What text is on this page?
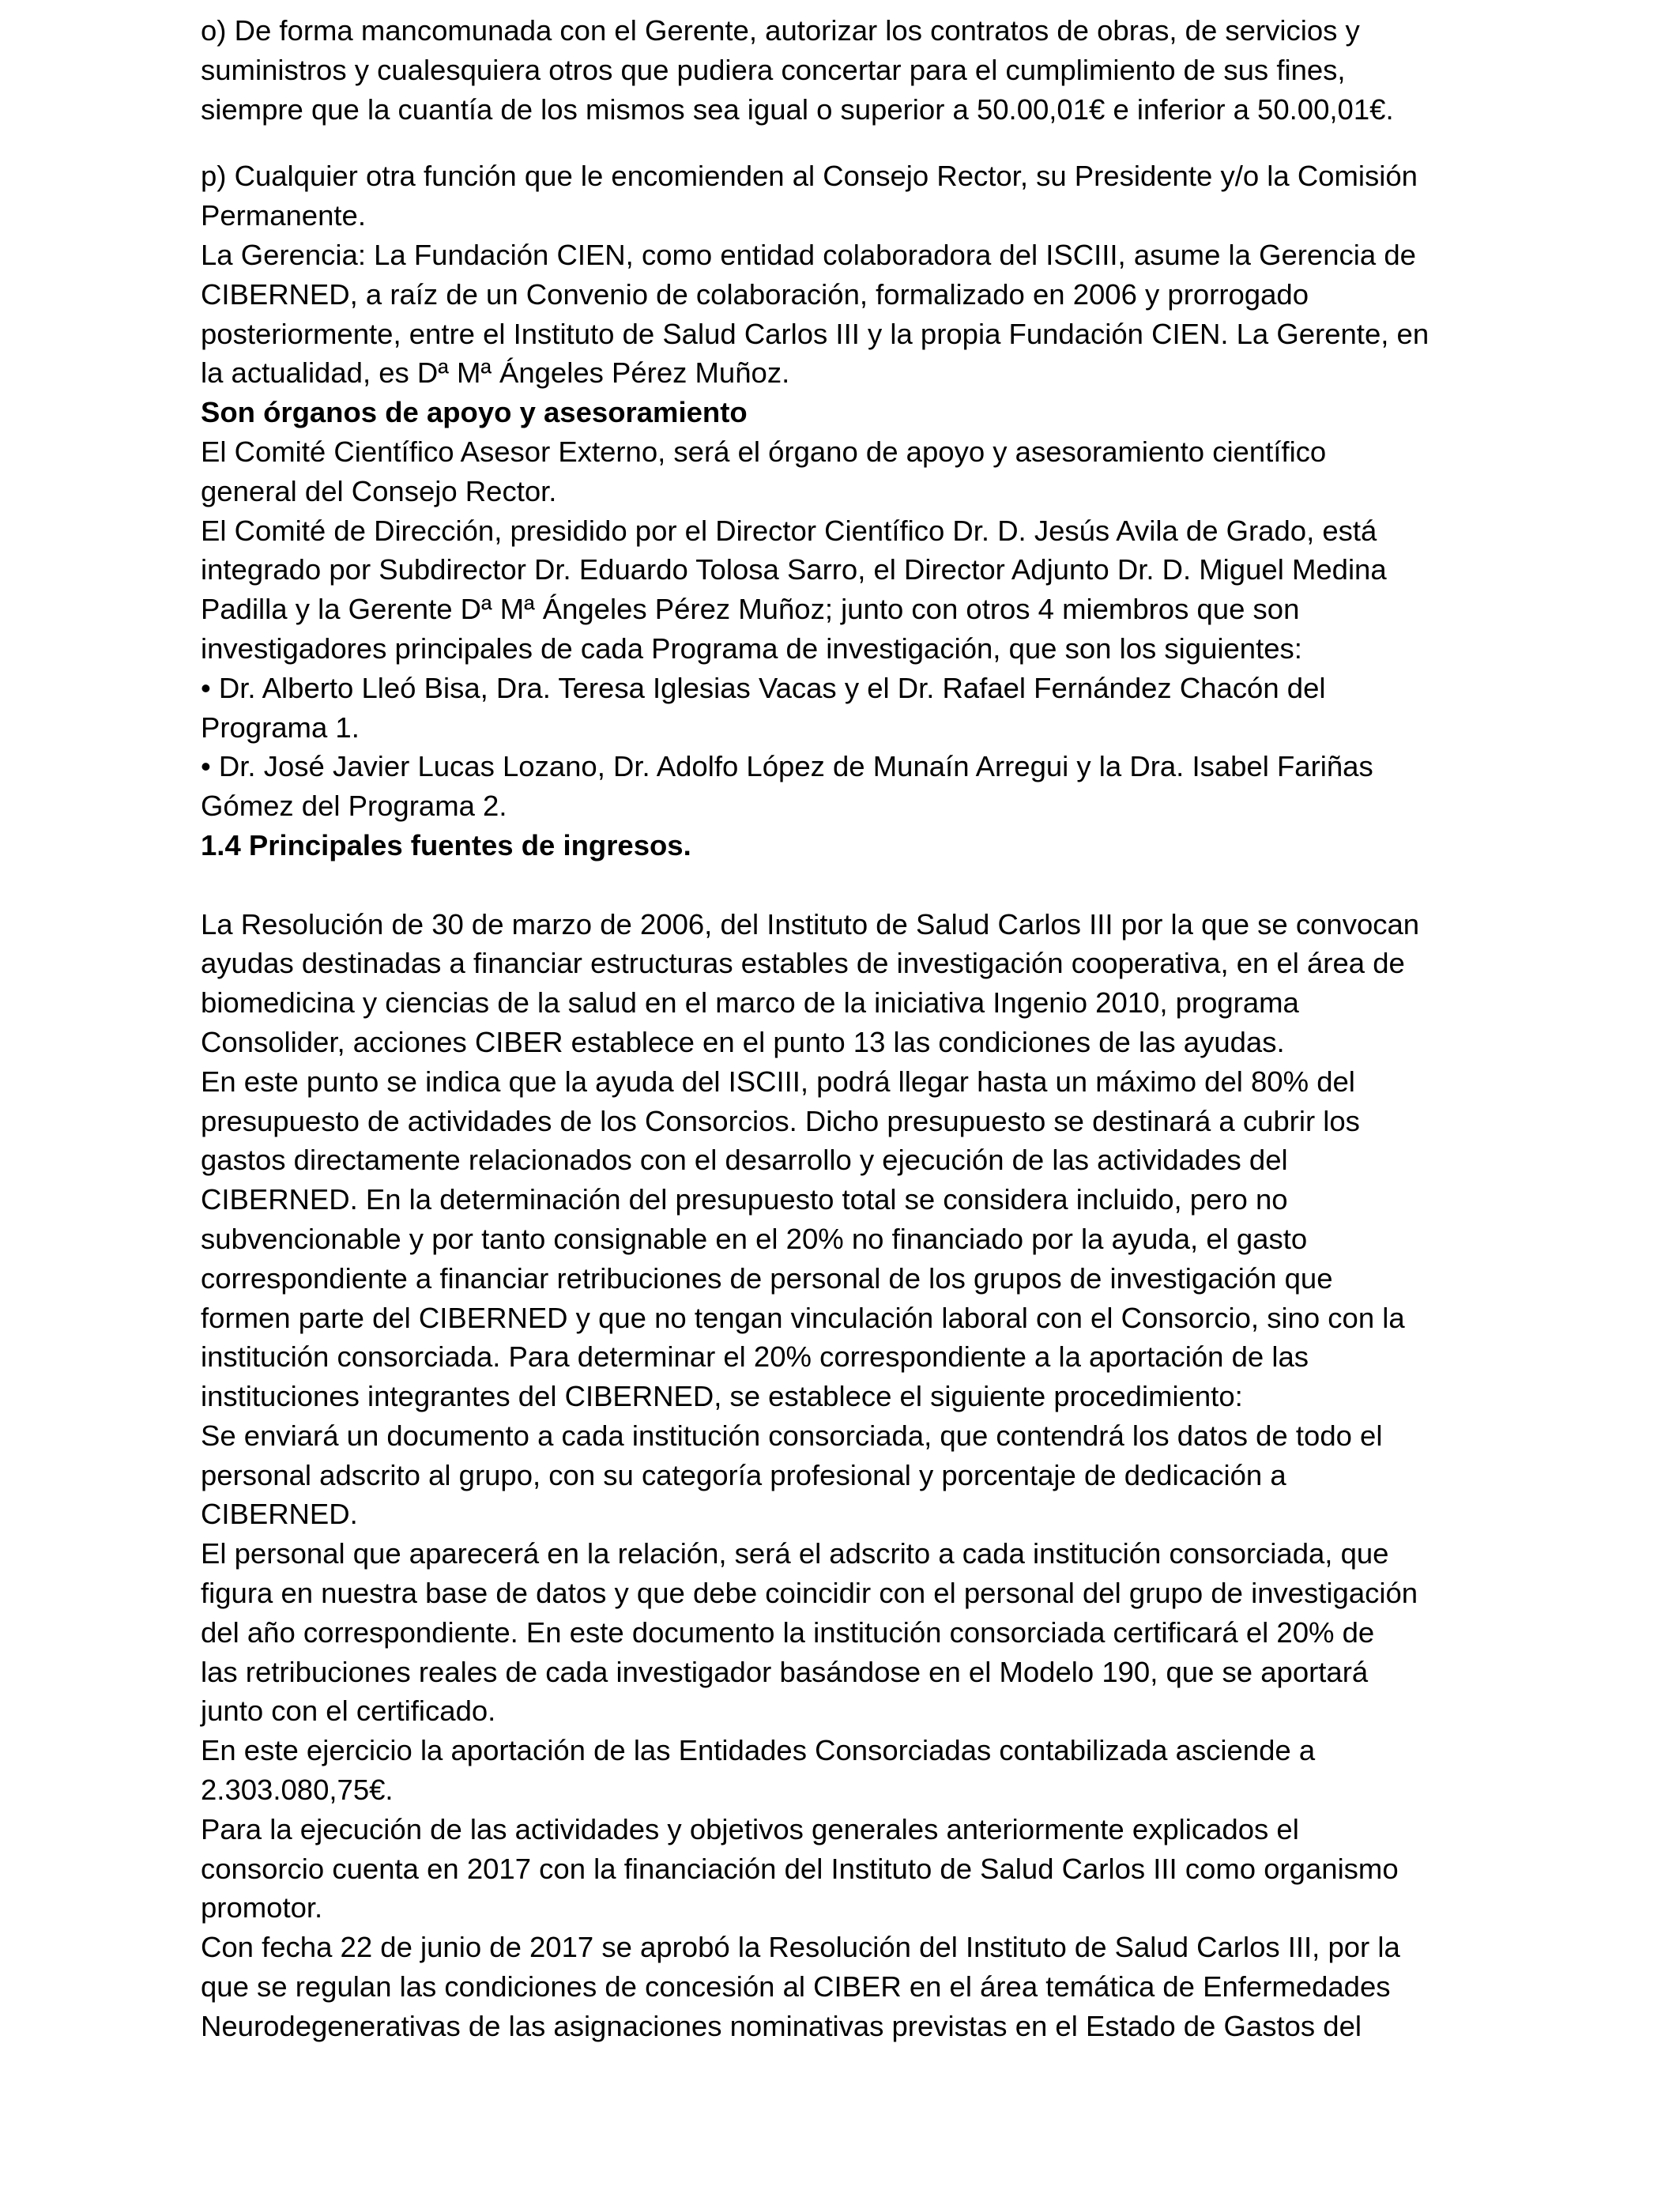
o) De forma mancomunada con el Gerente, autorizar los contratos de obras, de servicios y
suministros y cualesquiera otros que pudiera concertar para el cumplimiento de sus fines,
siempre que la cuantía de los mismos sea igual o superior a 50.00,01€ e inferior a 50.00,01€.

p) Cualquier otra función que le encomienden al Consejo Rector, su Presidente y/o la Comisión
Permanente.

La Gerencia: La Fundación CIEN, como entidad colaboradora del ISCIII, asume la Gerencia de
CIBERNED, a raíz de un Convenio de colaboración, formalizado en 2006 y prorrogado
posteriormente, entre el Instituto de Salud Carlos III y la propia Fundación CIEN. La Gerente, en
la actualidad, es Dª Mª Ángeles Pérez Muñoz.

Son órganos de apoyo y asesoramiento

El Comité Científico Asesor Externo, será el órgano de apoyo y asesoramiento científico
general del Consejo Rector.

El Comité de Dirección, presidido por el Director Científico Dr. D. Jesús Avila de Grado, está
integrado por Subdirector Dr. Eduardo Tolosa Sarro, el Director Adjunto Dr. D. Miguel Medina
Padilla y la Gerente Dª Mª Ángeles Pérez Muñoz; junto con otros 4 miembros que son
investigadores principales de cada Programa de investigación, que son los siguientes:

• Dr. Alberto Lleó Bisa, Dra. Teresa Iglesias Vacas y el Dr. Rafael Fernández Chacón del
Programa 1.

• Dr. José Javier Lucas Lozano, Dr. Adolfo López de Munaín Arregui y la Dra. Isabel Fariñas
Gómez del Programa 2.

1.4 Principales fuentes de ingresos.

La Resolución de 30 de marzo de 2006, del Instituto de Salud Carlos III por la que se convocan
ayudas destinadas a financiar estructuras estables de investigación cooperativa, en el área de
biomedicina y ciencias de la salud en el marco de la iniciativa Ingenio 2010, programa
Consolider, acciones CIBER establece en el punto 13 las condiciones de las ayudas.

En este punto se indica que la ayuda del ISCIII, podrá llegar hasta un máximo del 80% del
presupuesto de actividades de los Consorcios. Dicho presupuesto se destinará a cubrir los
gastos directamente relacionados con el desarrollo y ejecución de las actividades del
CIBERNED. En la determinación del presupuesto total se considera incluido, pero no
subvencionable y por tanto consignable en el 20% no financiado por la ayuda, el gasto
correspondiente a financiar retribuciones de personal de los grupos de investigación que
formen parte del CIBERNED y que no tengan vinculación laboral con el Consorcio, sino con la
institución consorciada. Para determinar el 20% correspondiente a la aportación de las
instituciones integrantes del CIBERNED, se establece el siguiente procedimiento:

Se enviará un documento a cada institución consorciada, que contendrá los datos de todo el
personal adscrito al grupo, con su categoría profesional y porcentaje de dedicación a
CIBERNED.

El personal que aparecerá en la relación, será el adscrito a cada institución consorciada, que
figura en nuestra base de datos y que debe coincidir con el personal del grupo de investigación
del año correspondiente. En este documento la institución consorciada certificará el 20% de
las retribuciones reales de cada investigador basándose en el Modelo 190, que se aportará
junto con el certificado.

En este ejercicio la aportación de las Entidades Consorciadas contabilizada asciende a
2.303.080,75€.

Para la ejecución de las actividades y objetivos generales anteriormente explicados el
consorcio cuenta en 2017 con la financiación del Instituto de Salud Carlos III como organismo
promotor.

Con fecha 22 de junio de 2017 se aprobó la Resolución del Instituto de Salud Carlos III, por la
que se regulan las condiciones de concesión al CIBER en el área temática de Enfermedades
Neurodegenerativas de las asignaciones nominativas previstas en el Estado de Gastos del
